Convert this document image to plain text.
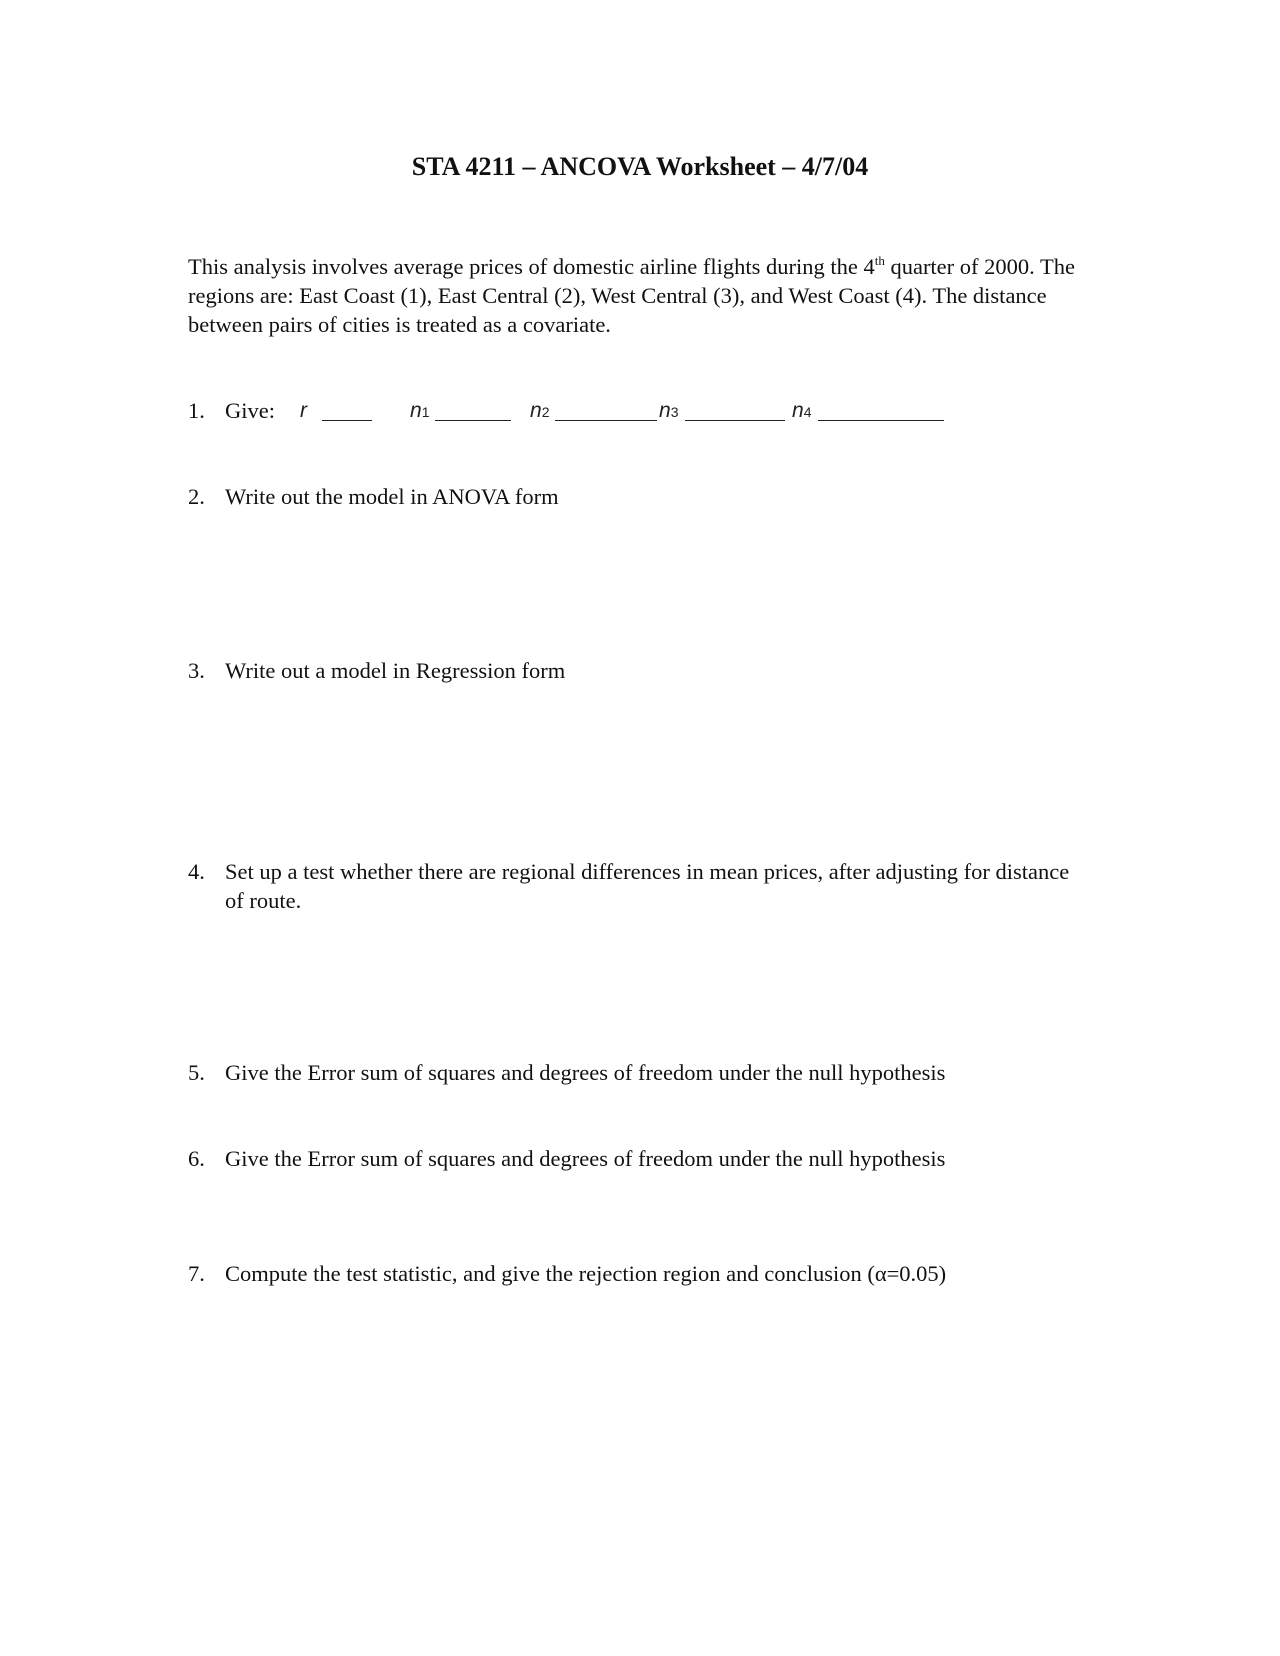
STA 4211 – ANCOVA Worksheet – 4/7/04
This analysis involves average prices of domestic airline flights during the 4th quarter of 2000. The regions are: East Coast (1), East Central (2), West Central (3), and West Coast (4). The distance between pairs of cities is treated as a covariate.
1. Give: r	n1	n2	n3	n4
2. Write out the model in ANOVA form
3. Write out a model in Regression form
4. Set up a test whether there are regional differences in mean prices, after adjusting for distance of route.
5. Give the Error sum of squares and degrees of freedom under the null hypothesis
6. Give the Error sum of squares and degrees of freedom under the null hypothesis
7. Compute the test statistic, and give the rejection region and conclusion (α=0.05)
